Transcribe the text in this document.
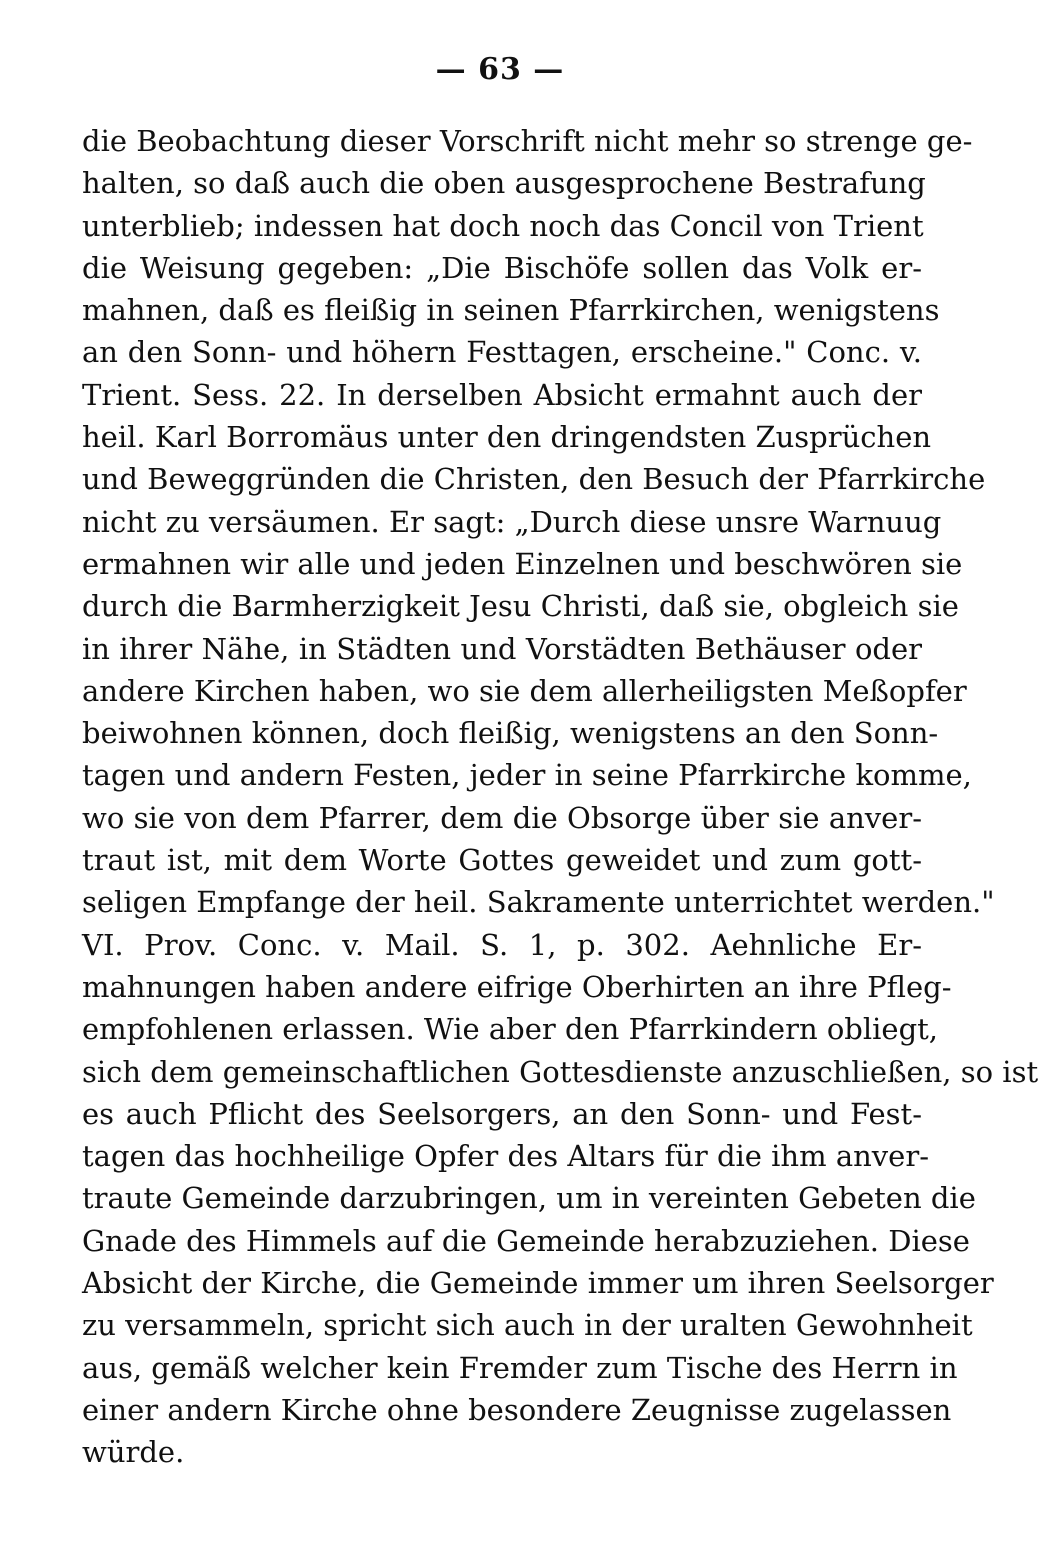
— 63 —
die Beobachtung dieser Vorschrift nicht mehr so strenge ge-
halten, so daß auch die oben ausgesprochene Bestrafung
unterblieb; indessen hat doch noch das Concil von Trient
die Weisung gegeben: „Die Bischöfe sollen das Volk er-
mahnen, daß es fleißig in seinen Pfarrkirchen, wenigstens
an den Sonn- und höhern Festtagen, erscheine." Conc. v.
Trient. Sess. 22. In derselben Absicht ermahnt auch der
heil. Karl Borromäus unter den dringendsten Zusprüchen
und Beweggründen die Christen, den Besuch der Pfarrkirche
nicht zu versäumen. Er sagt: „Durch diese unsre Warnuug
ermahnen wir alle und jeden Einzelnen und beschwören sie
durch die Barmherzigkeit Jesu Christi, daß sie, obgleich sie
in ihrer Nähe, in Städten und Vorstädten Bethäuser oder
andere Kirchen haben, wo sie dem allerheiligsten Meßopfer
beiwohnen können, doch fleißig, wenigstens an den Sonn-
tagen und andern Festen, jeder in seine Pfarrkirche komme,
wo sie von dem Pfarrer, dem die Obsorge über sie anver-
traut ist, mit dem Worte Gottes geweidet und zum gott-
seligen Empfange der heil. Sakramente unterrichtet werden."
VI. Prov. Conc. v. Mail. S. 1, p. 302. Aehnliche Er-
mahnungen haben andere eifrige Oberhirten an ihre Pfleg-
empfohlenen erlassen. Wie aber den Pfarrkindern obliegt,
sich dem gemeinschaftlichen Gottesdienste anzuschließen, so ist
es auch Pflicht des Seelsorgers, an den Sonn- und Fest-
tagen das hochheilige Opfer des Altars für die ihm anver-
traute Gemeinde darzubringen, um in vereinten Gebeten die
Gnade des Himmels auf die Gemeinde herabzuziehen. Diese
Absicht der Kirche, die Gemeinde immer um ihren Seelsorger
zu versammeln, spricht sich auch in der uralten Gewohnheit
aus, gemäß welcher kein Fremder zum Tische des Herrn in
einer andern Kirche ohne besondere Zeugnisse zugelassen
würde.
